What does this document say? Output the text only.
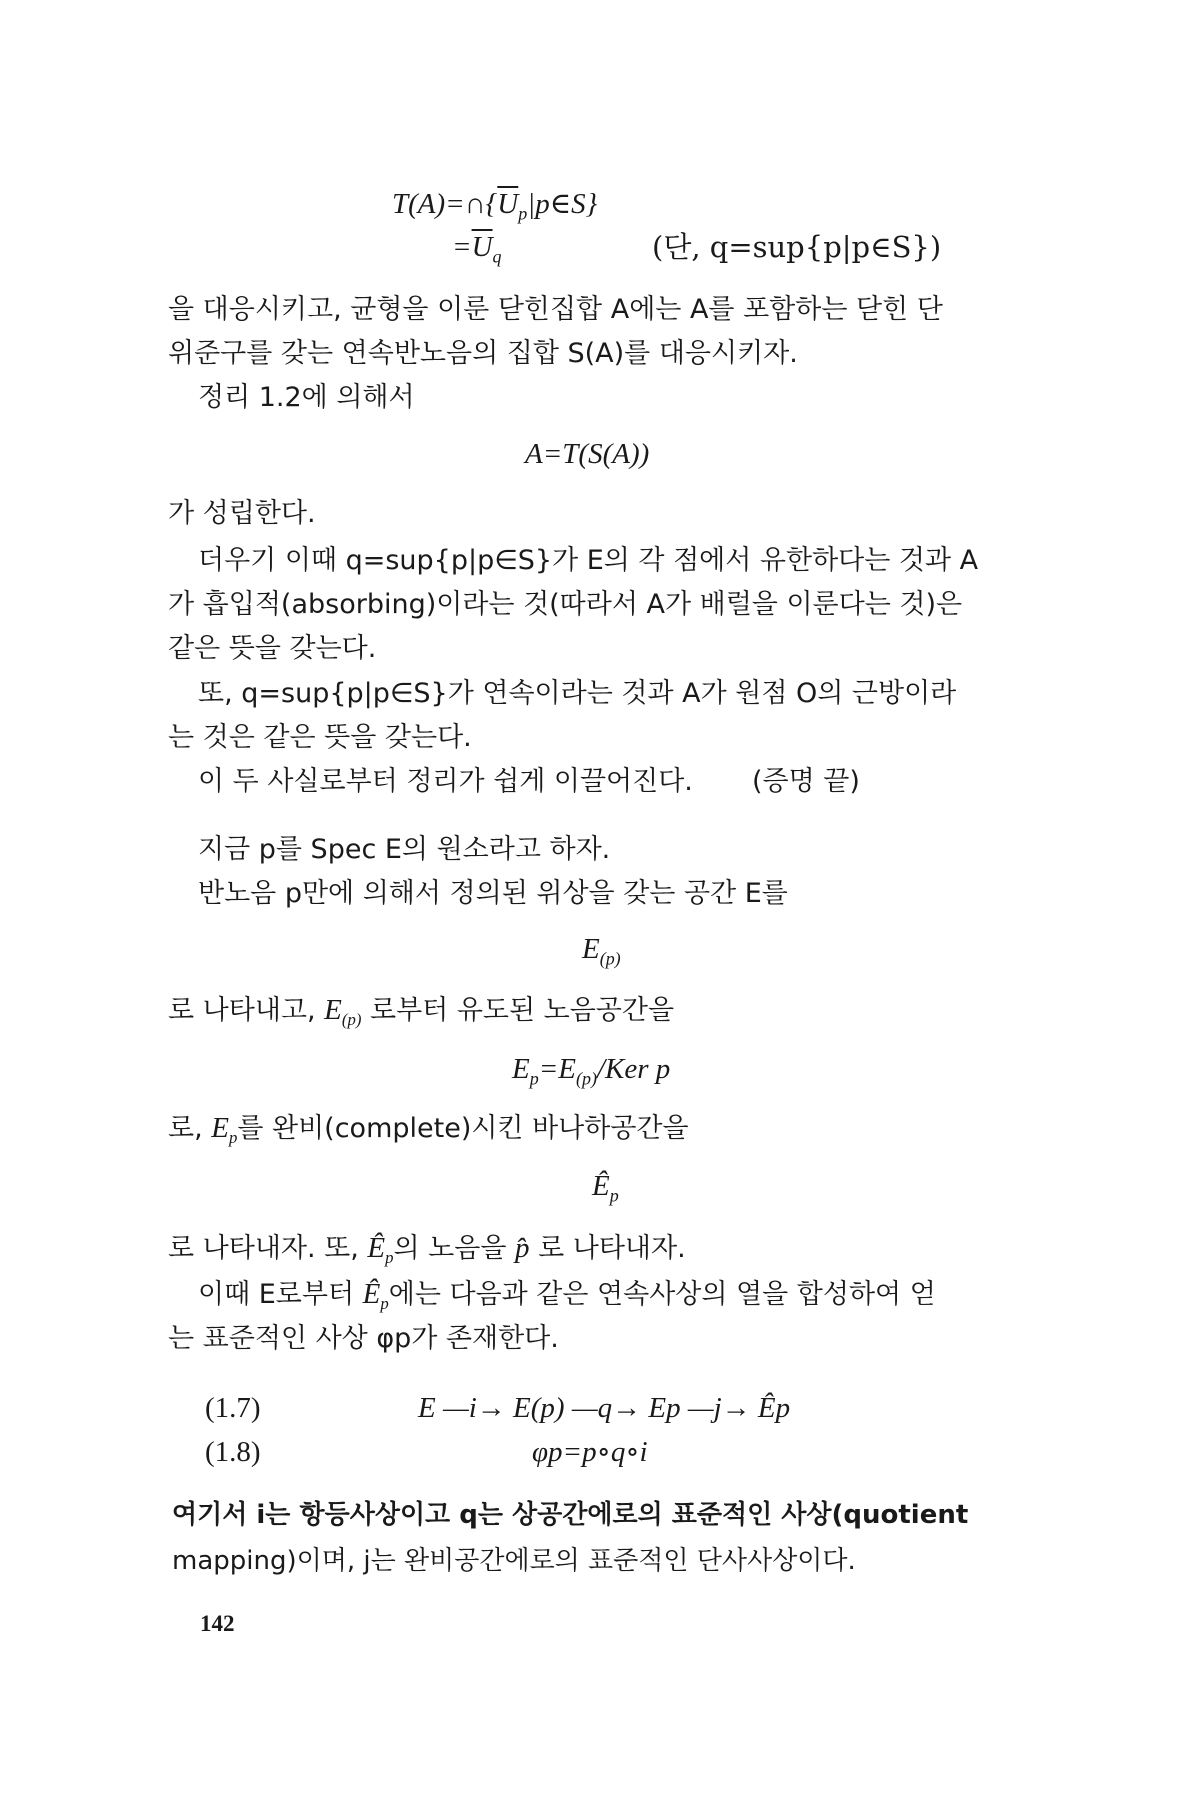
$T(A)=\cap\{\overline{U}_p|p\in S\}$
$=\overline{U}_q$	(단, q=sup{p|p∈S})
을 대응시키고, 균형을 이룬 닫힌집합 A에는 A를 포함하는 닫힌 단
위준구를 갖는 연속반노음의 집합 S(A)를 대응시키자.
정리 1.2에 의해서
A=T(S(A))
가 성립한다.
더우기 이때 q=sup{p|p∈S}가 E의 각 점에서 유한하다는 것과 A
가 흡입적(absorbing)이라는 것(따라서 A가 배럴을 이룬다는 것)은
같은 뜻을 갖는다.
또, q=sup{p|p∈S}가 연속이라는 것과 A가 원점 O의 근방이라
는 것은 같은 뜻을 갖는다.
이 두 사실로부터 정리가 쉽게 이끌어진다. (증명 끝)
지금 p를 Spec E의 원소라고 하자.
반노음 p만에 의해서 정의된 위상을 갖는 공간 E를
$E_{(p)}$
로 나타내고, $E_{(p)}$ 로부터 유도된 노음공간을
$E_p=E_{(p)}$/Ker p
로, $E_p$를 완비(complete)시킨 바나하공간을
$Ê_p$
로 나타내자. 또, $Ê_p$의 노음을 p̂ 로 나타내자.
이때 E로부터 $Ê_p$에는 다음과 같은 연속사상의 열을 합성하여 얻
는 표준적인 사상 φp가 존재한다.
(1.7)	E —i→ E(p) —q→ Ep —j→ Êp
(1.8)	φp=p∘q∘i
여기서 i는 항등사상이고 q는 상공간에로의 표준적인 사상(quotient
mapping)이며, j는 완비공간에로의 표준적인 단사사상이다.
142
